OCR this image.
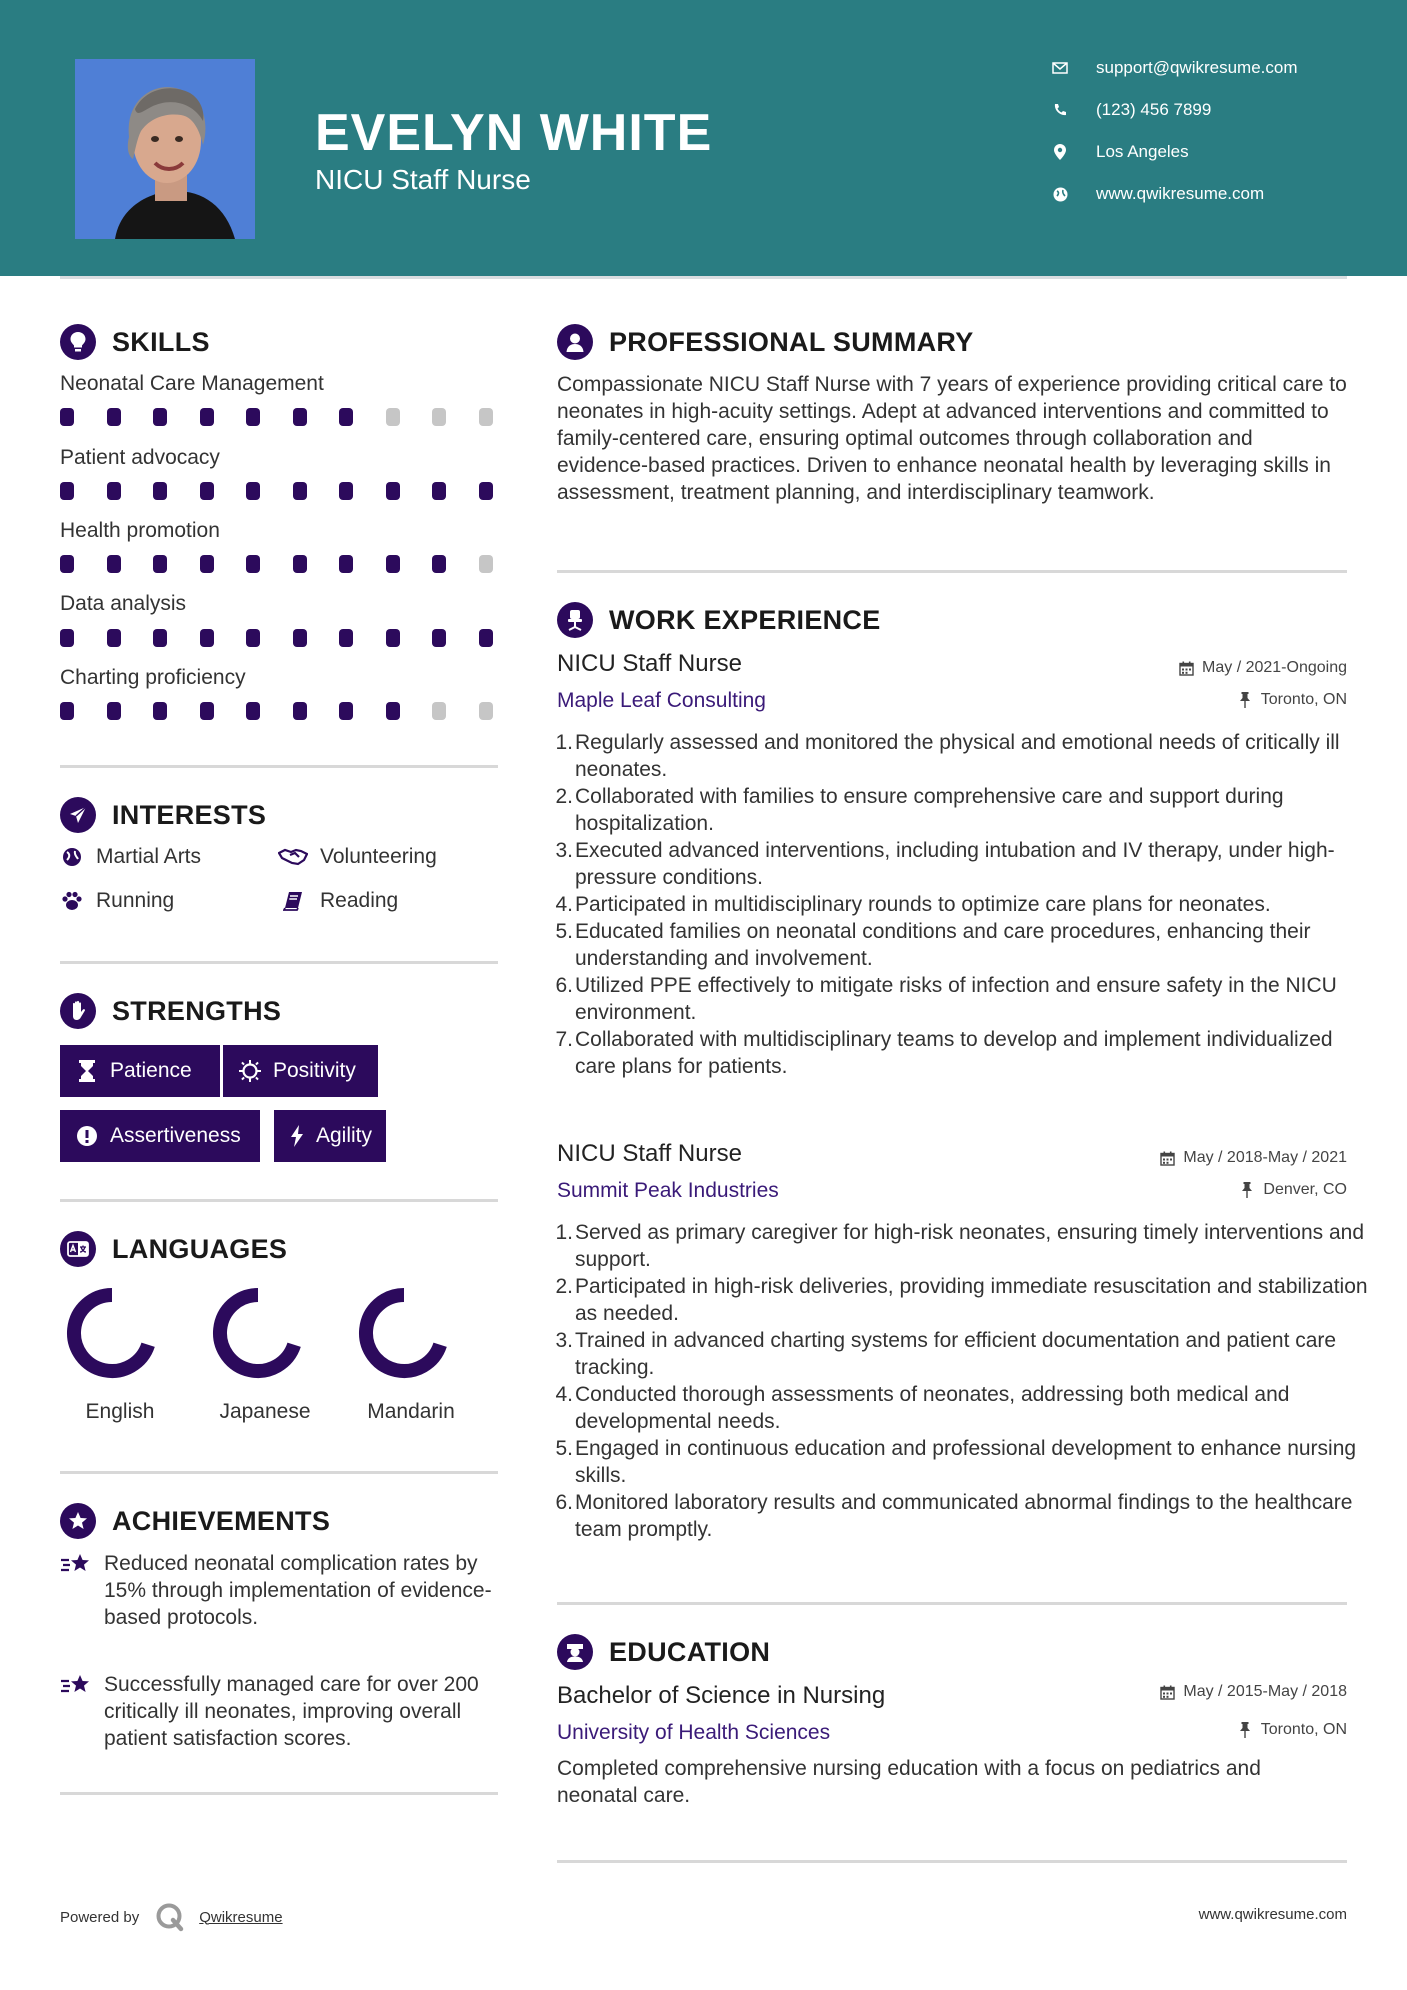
EVELYN WHITE
NICU Staff Nurse
support@qwikresume.com
(123) 456 7899
Los Angeles
www.qwikresume.com
SKILLS
Neonatal Care Management
Patient advocacy
Health promotion
Data analysis
Charting proficiency
INTERESTS
Martial Arts	Volunteering
Running	Reading
STRENGTHS
Patience	Positivity
Assertiveness	Agility
LANGUAGES
English	Japanese	Mandarin
ACHIEVEMENTS
Reduced neonatal complication rates by 15% through implementation of evidence-based protocols.
Successfully managed care for over 200 critically ill neonates, improving overall patient satisfaction scores.
PROFESSIONAL SUMMARY
Compassionate NICU Staff Nurse with 7 years of experience providing critical care to neonates in high-acuity settings. Adept at advanced interventions and committed to family-centered care, ensuring optimal outcomes through collaboration and evidence-based practices. Driven to enhance neonatal health by leveraging skills in assessment, treatment planning, and interdisciplinary teamwork.
WORK EXPERIENCE
NICU Staff Nurse
Maple Leaf Consulting
May / 2021-Ongoing
Toronto, ON
1. Regularly assessed and monitored the physical and emotional needs of critically ill neonates.
2. Collaborated with families to ensure comprehensive care and support during hospitalization.
3. Executed advanced interventions, including intubation and IV therapy, under high-pressure conditions.
4. Participated in multidisciplinary rounds to optimize care plans for neonates.
5. Educated families on neonatal conditions and care procedures, enhancing their understanding and involvement.
6. Utilized PPE effectively to mitigate risks of infection and ensure safety in the NICU environment.
7. Collaborated with multidisciplinary teams to develop and implement individualized care plans for patients.
NICU Staff Nurse
Summit Peak Industries
May / 2018-May / 2021
Denver, CO
1. Served as primary caregiver for high-risk neonates, ensuring timely interventions and support.
2. Participated in high-risk deliveries, providing immediate resuscitation and stabilization as needed.
3. Trained in advanced charting systems for efficient documentation and patient care tracking.
4. Conducted thorough assessments of neonates, addressing both medical and developmental needs.
5. Engaged in continuous education and professional development to enhance nursing skills.
6. Monitored laboratory results and communicated abnormal findings to the healthcare team promptly.
EDUCATION
Bachelor of Science in Nursing
University of Health Sciences
May / 2015-May / 2018
Toronto, ON
Completed comprehensive nursing education with a focus on pediatrics and neonatal care.
Powered by	Qwikresume	www.qwikresume.com
